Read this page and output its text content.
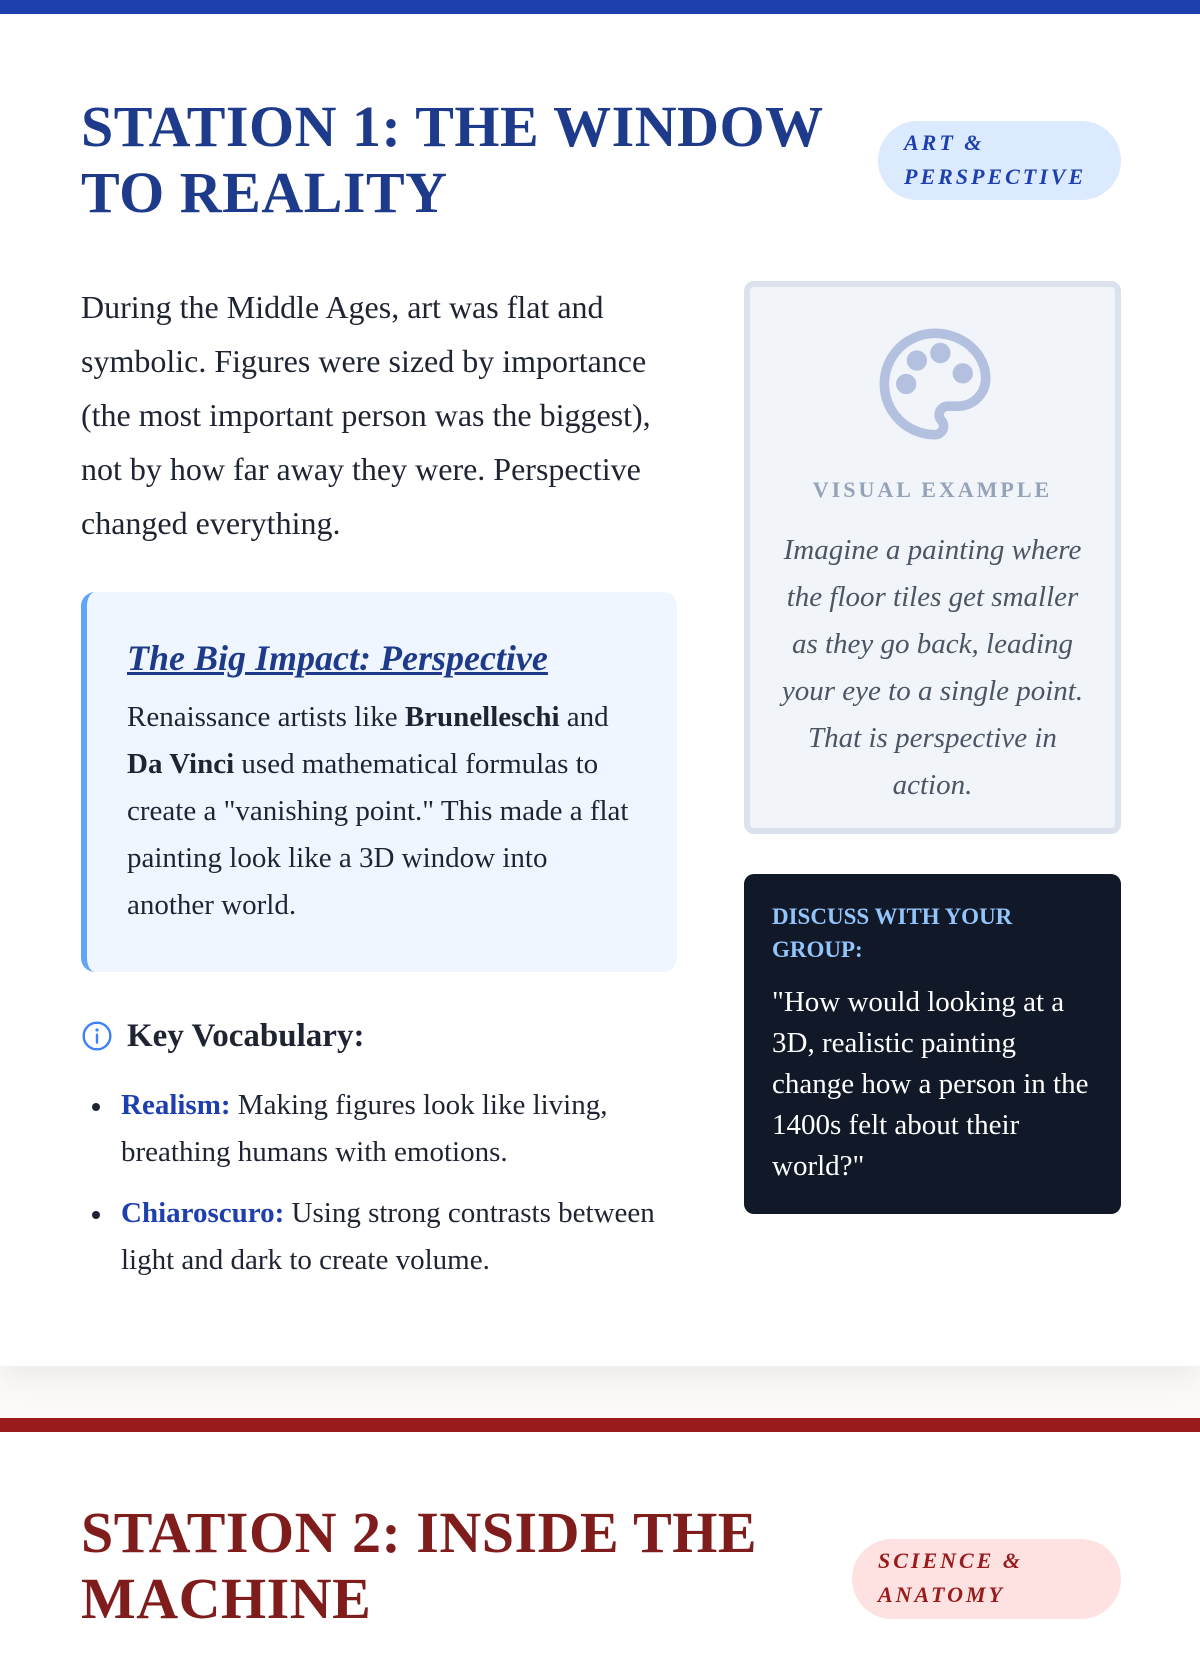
STATION 1: THE WINDOW TO REALITY
ART & PERSPECTIVE

During the Middle Ages, art was flat and symbolic. Figures were sized by importance (the most important person was the biggest), not by how far away they were. Perspective changed everything.

The Big Impact: Perspective

Renaissance artists like Brunelleschi and Da Vinci used mathematical formulas to create a "vanishing point." This made a flat painting look like a 3D window into another world.

Key Vocabulary:
Realism: Making figures look like living, breathing humans with emotions.
Chiaroscuro: Using strong contrasts between light and dark to create volume.
VISUAL EXAMPLE

Imagine a painting where the floor tiles get smaller as they go back, leading your eye to a single point. That is perspective in action.

DISCUSS WITH YOUR GROUP:

"How would looking at a 3D, realistic painting change how a person in the 1400s felt about their world?"

STATION 2: INSIDE THE MACHINE
SCIENCE & ANATOMY
